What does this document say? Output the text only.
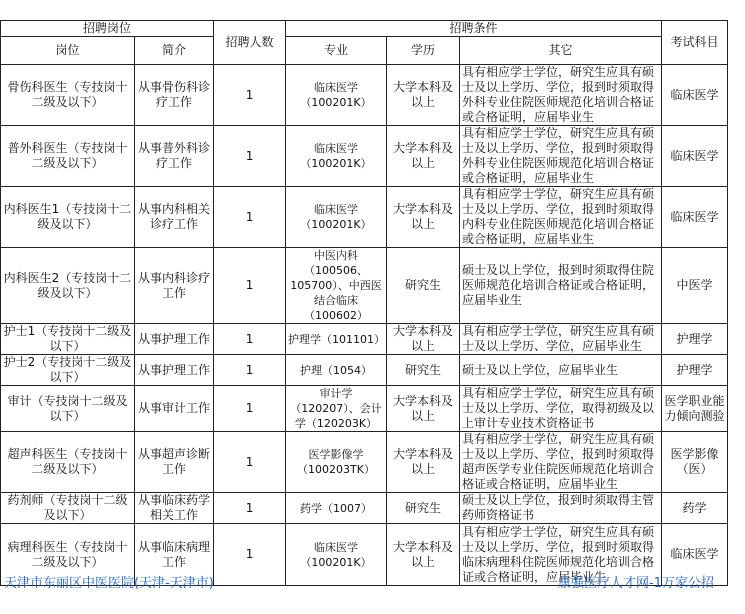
招聘岗位		招聘人数	招聘条件			考试科目
岗位	简介		专业	学历	其它	
骨伤科医生（专技岗十二级及以下）	从事骨伤科诊疗工作	1	临床医学（100201K）	大学本科及以上	具有相应学士学位，研究生应具有硕士及以上学历、学位，报到时须取得外科专业住院医师规范化培训合格证或合格证明，应届毕业生	临床医学
普外科医生（专技岗十二级及以下）	从事普外科诊疗工作	1	临床医学（100201K）	大学本科及以上	具有相应学士学位，研究生应具有硕士及以上学历、学位，报到时须取得外科专业住院医师规范化培训合格证或合格证明，应届毕业生	临床医学
内科医生1（专技岗十二级及以下）	从事内科相关诊疗工作	1	临床医学（100201K）	大学本科及以上	具有相应学士学位，研究生应具有硕士及以上学历、学位，报到时须取得内科专业住院医师规范化培训合格证或合格证明，应届毕业生	临床医学
内科医生2（专技岗十二级及以下）	从事内科诊疗工作	1	中医内科（100506、105700）、中西医结合临床（100602）	研究生	硕士及以上学位，报到时须取得住院医师规范化培训合格证或合格证明，应届毕业生	中医学
护士1（专技岗十二级及以下）	从事护理工作	1	护理学（101101）	大学本科及以上	具有相应学士学位，研究生应具有硕士及以上学历、学位，应届毕业生	护理学
护士2（专技岗十二级及以下）	从事护理工作	1	护理（1054）	研究生	硕士及以上学位，应届毕业生	护理学
审计（专技岗十二级及以下）	从事审计工作	1	审计学（120207）、会计学（120203K）	大学本科及以上	具有相应学士学位，研究生应具有硕士及以上学历、学位，取得初级及以上审计专业技术资格证书	医学职业能力倾向测验
超声科医生（专技岗十二级及以下）	从事超声诊断工作	1	医学影像学（100203TK）	大学本科及以上	具有相应学士学位，研究生应具有硕士及以上学历、学位，报到时须取得超声医学专业住院医师规范化培训合格证或合格证明，应届毕业生	医学影像（医）
药剂师（专技岗十二级及以下）	从事临床药学相关工作	1	药学（1007）	研究生	硕士及以上学位，报到时须取得主管药师资格证书	药学
病理科医生（专技岗十二级及以下）	从事临床病理工作	1	临床医学（100201K）	大学本科及以上	具有相应学士学位，研究生应具有硕士及以上学历、学位，报到时须取得临床病理科住院医师规范化培训合格证或合格证明，应届毕业生	临床医学
天津市东丽区中医医院(天津-天津市)	康强医疗人才网-1万家公招
